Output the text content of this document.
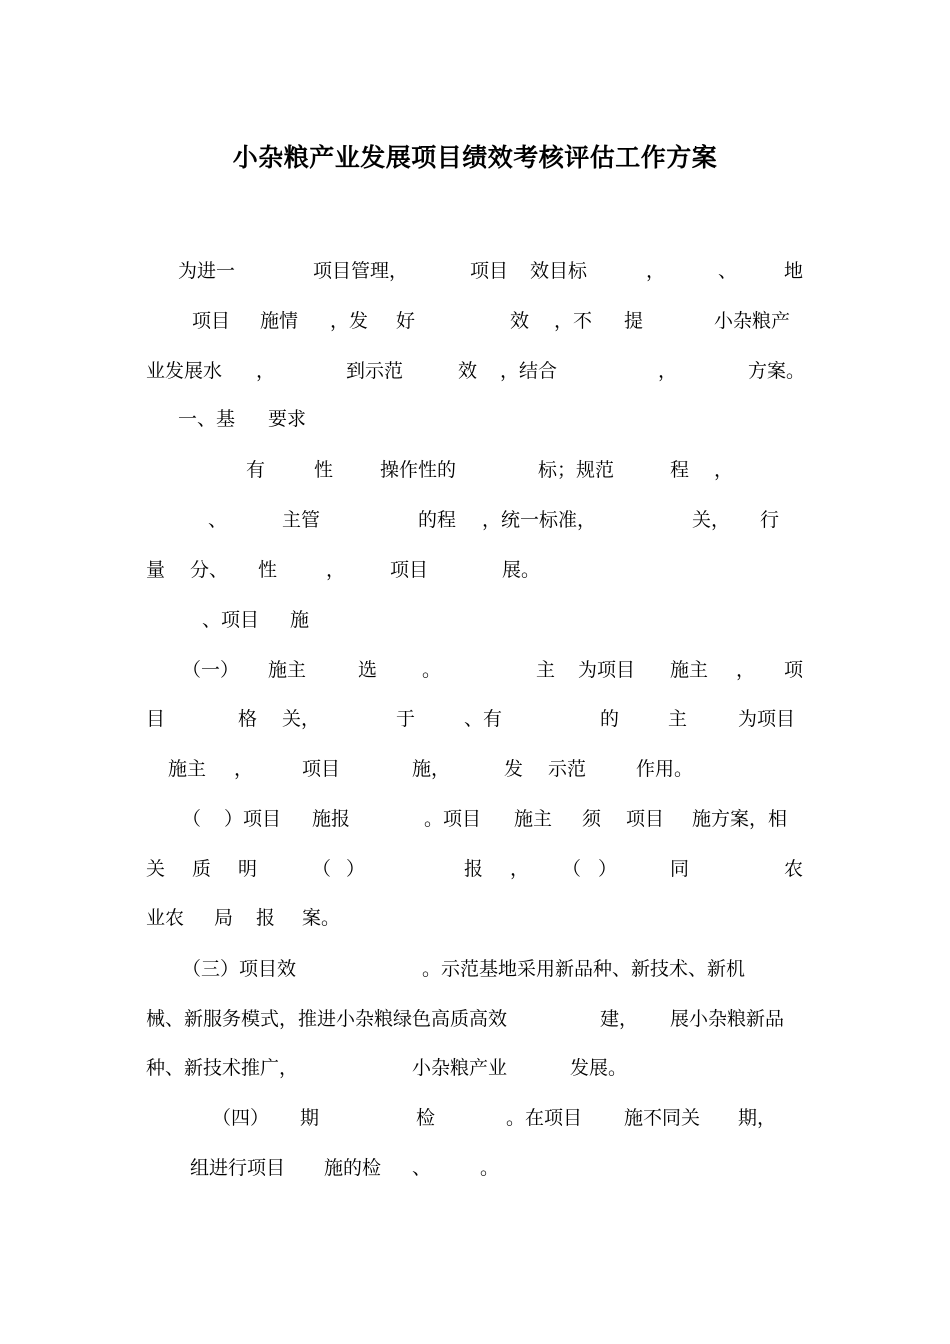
小杂粮产业发展项目绩效考核评估工作方案

为进一

	项目管理，

	项目

效目标

	，

	、

地

项目

施情

，发

好

	效

，不

提

	小杂粮产

业发展水

，

	到示范

	效

，结合

	，

	方案。

一、基

要求

有

	性

操作性的

	标；规范

	程

，

、

	主管

	的程

，统一标准，

	关，

行

量

分、

性

	，

项目

	展。

、项目

施

（一）

施主

	选

。

	主

为项目

施主

，

项

目

	格

关，

	于

	、有

	的

	主

	为项目

施主

，

	项目

	施，

	发

示范

	作用。

（

）项目

施报

	。项目

施主

须

项目

施方案，相

关

质

明

	（

）

	报

，

（

）

	同

	农

业农

局

报

案。

（三）项目效

	。示范基地采用新品种、新技术、新机

械、新服务模式，推进小杂粮绿色高质高效

	建，

展小杂粮新品

种、新技术推广，

	小杂粮产业

	发展。

（四）

期

	检

	。在项目

施不同关

期，

组进行项目

施的检

、

	。
